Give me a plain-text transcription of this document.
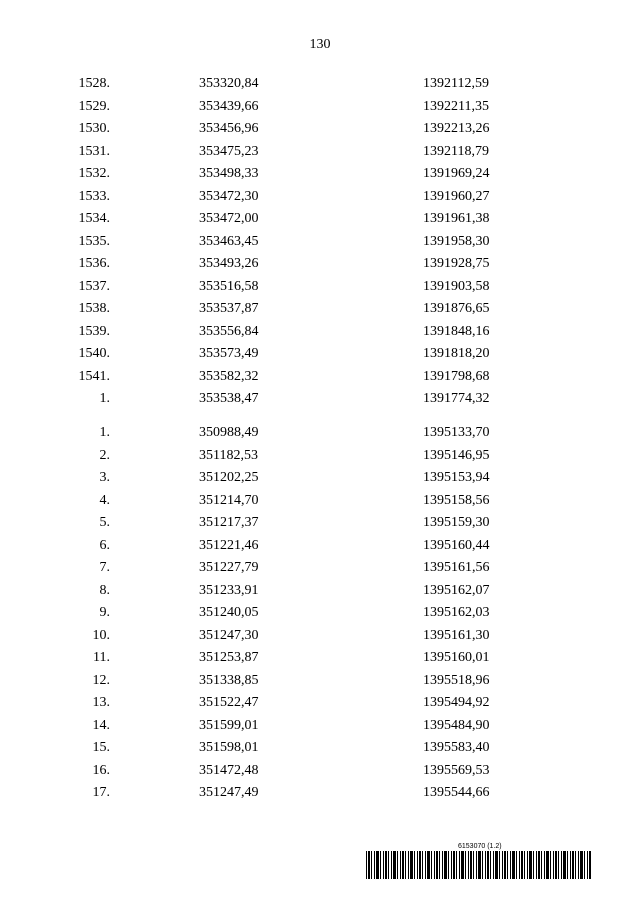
130
1528.	353320,84	1392112,59
1529.	353439,66	1392211,35
1530.	353456,96	1392213,26
1531.	353475,23	1392118,79
1532.	353498,33	1391969,24
1533.	353472,30	1391960,27
1534.	353472,00	1391961,38
1535.	353463,45	1391958,30
1536.	353493,26	1391928,75
1537.	353516,58	1391903,58
1538.	353537,87	1391876,65
1539.	353556,84	1391848,16
1540.	353573,49	1391818,20
1541.	353582,32	1391798,68
1.	353538,47	1391774,32
1.	350988,49	1395133,70
2.	351182,53	1395146,95
3.	351202,25	1395153,94
4.	351214,70	1395158,56
5.	351217,37	1395159,30
6.	351221,46	1395160,44
7.	351227,79	1395161,56
8.	351233,91	1395162,07
9.	351240,05	1395162,03
10.	351247,30	1395161,30
11.	351253,87	1395160,01
12.	351338,85	1395518,96
13.	351522,47	1395494,92
14.	351599,01	1395484,90
15.	351598,01	1395583,40
16.	351472,48	1395569,53
17.	351247,49	1395544,66
6153070 (1.2)
